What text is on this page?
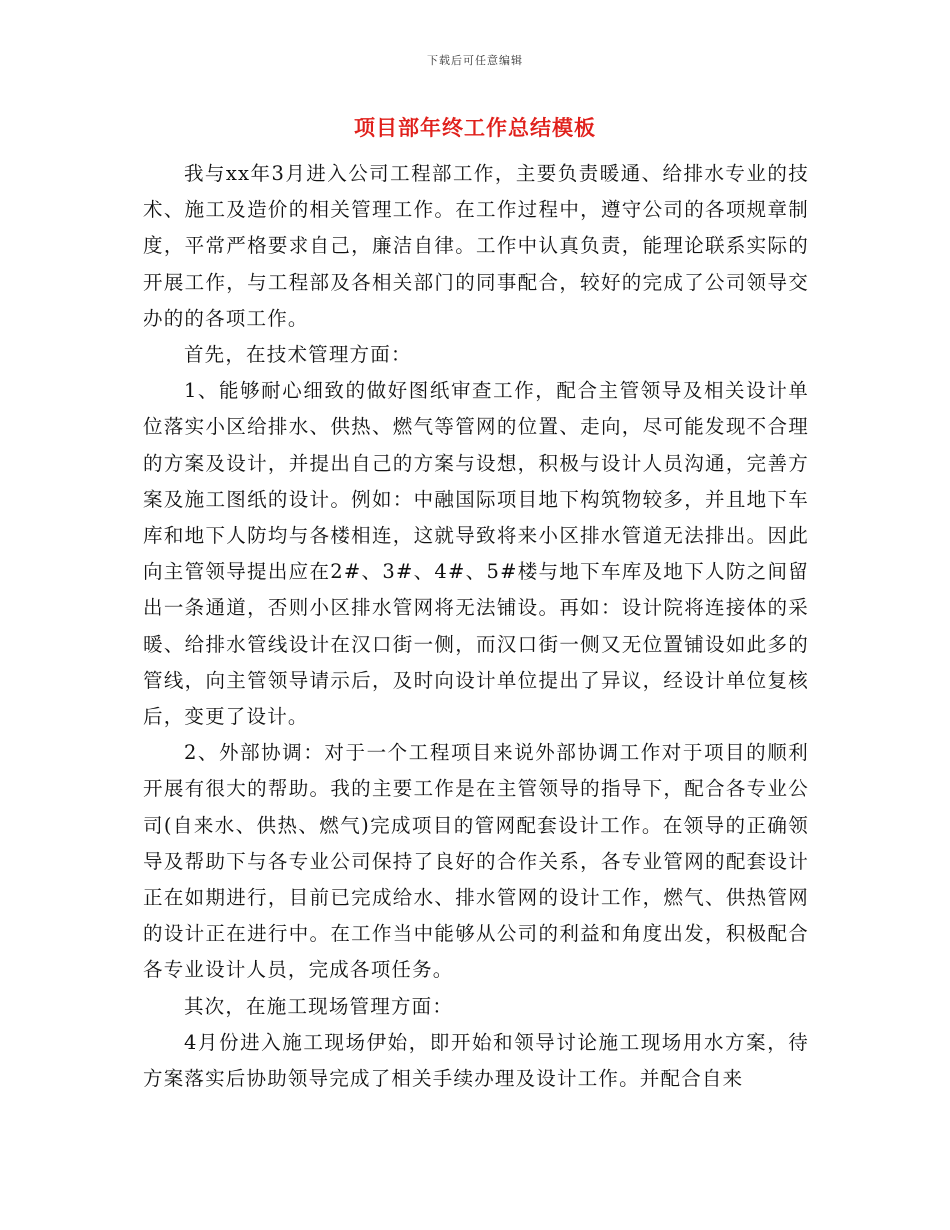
下载后可任意编辑
项目部年终工作总结模板

我与xx年3月进入公司工程部工作，主要负责暖通、给排水专业的技术、施工及造价的相关管理工作。在工作过程中，遵守公司的各项规章制度，平常严格要求自己，廉洁自律。工作中认真负责，能理论联系实际的开展工作，与工程部及各相关部门的同事配合，较好的完成了公司领导交办的的各项工作。

首先，在技术管理方面：

1、能够耐心细致的做好图纸审查工作，配合主管领导及相关设计单位落实小区给排水、供热、燃气等管网的位置、走向，尽可能发现不合理的方案及设计，并提出自己的方案与设想，积极与设计人员沟通，完善方案及施工图纸的设计。例如：中融国际项目地下构筑物较多，并且地下车库和地下人防均与各楼相连，这就导致将来小区排水管道无法排出。因此向主管领导提出应在2#、3#、4#、5#楼与地下车库及地下人防之间留出一条通道，否则小区排水管网将无法铺设。再如：设计院将连接体的采暖、给排水管线设计在汉口街一侧，而汉口街一侧又无位置铺设如此多的管线，向主管领导请示后，及时向设计单位提出了异议，经设计单位复核后，变更了设计。

2、外部协调：对于一个工程项目来说外部协调工作对于项目的顺利开展有很大的帮助。我的主要工作是在主管领导的指导下，配合各专业公司(自来水、供热、燃气)完成项目的管网配套设计工作。在领导的正确领导及帮助下与各专业公司保持了良好的合作关系，各专业管网的配套设计正在如期进行，目前已完成给水、排水管网的设计工作，燃气、供热管网的设计正在进行中。在工作当中能够从公司的利益和角度出发，积极配合各专业设计人员，完成各项任务。

其次，在施工现场管理方面：

4月份进入施工现场伊始，即开始和领导讨论施工现场用水方案，待方案落实后协助领导完成了相关手续办理及设计工作。并配合自来
